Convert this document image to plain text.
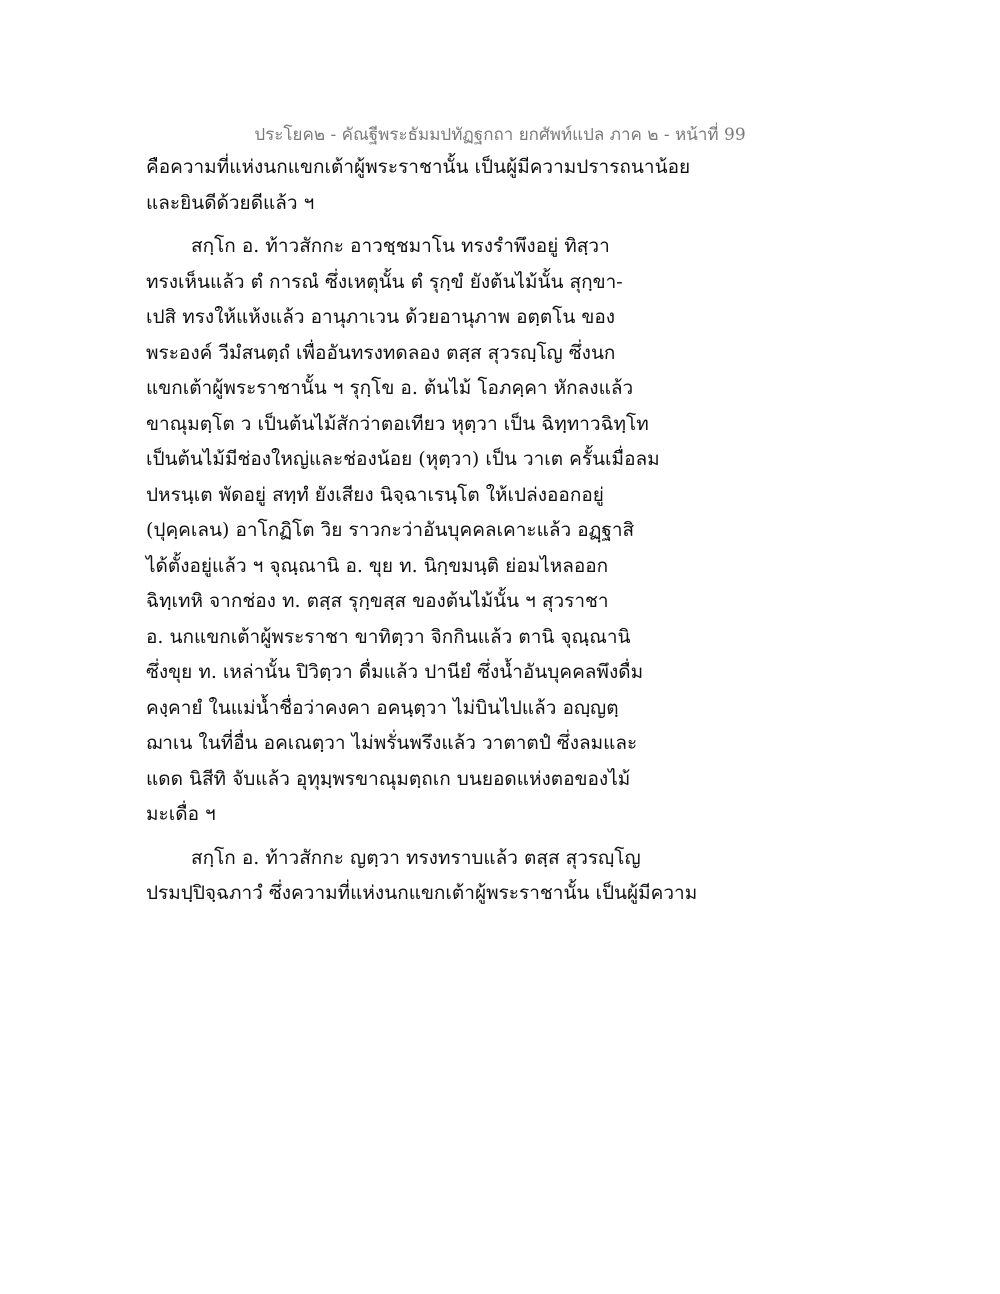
ประโยค๒ - คัณฐีพระธัมมปทัฏฐกถา ยกศัพท์แปล ภาค ๒ - หน้าที่ 99
คือความที่แห่งนกแขกเต้าผู้พระราชานั้น เป็นผู้มีความปรารถนาน้อย
และยินดีด้วยดีแล้ว ฯ
สกฺโก อ. ท้าวสักกะ อาวชฺชมาโน ทรงรำพึงอยู่ ทิสฺวา
ทรงเห็นแล้ว ตํ การณํ ซึ่งเหตุนั้น ตํ รุกฺขํ ยังต้นไม้นั้น สุกฺขา-
เปสิ ทรงให้แห้งแล้ว อานุภาเวน ด้วยอานุภาพ อตฺตโน ของ
พระองค์ วีมํสนตฺถํ เพื่ออันทรงทดลอง ตสฺส สุวรญฺโญ ซึ่งนก
แขกเต้าผู้พระราชานั้น ฯ รุกฺโข อ. ต้นไม้ โอภคฺคา หักลงแล้ว
ขาณุมตฺโต ว เป็นต้นไม้สักว่าตอเทียว หุตฺวา เป็น ฉิทฺทาวฉิทฺโท
เป็นต้นไม้มีช่องใหญ่และช่องน้อย (หุตฺวา) เป็น วาเต ครั้นเมื่อลม
ปหรนฺเต พัดอยู่ สทฺทํ ยังเสียง นิจฺฉาเรนฺโต ให้เปล่งออกอยู่
(ปุคฺคเลน) อาโกฏิโต วิย ราวกะว่าอันบุคคลเคาะแล้ว อฏฺฐาสิ
ได้ตั้งอยู่แล้ว ฯ จุณฺณานิ อ. ขุย ท. นิกฺขมนฺติ ย่อมไหลออก
ฉิทฺเทหิ จากช่อง ท. ตสฺส รุกฺขสฺส ของต้นไม้นั้น ฯ สุวราชา
อ. นกแขกเต้าผู้พระราชา ขาทิตฺวา จิกกินแล้ว ตานิ จุณฺณานิ
ซึ่งขุย ท. เหล่านั้น ปิวิตฺวา ดื่มแล้ว ปานียํ ซึ่งน้ำอันบุคคลพึงดื่ม
คงฺคายํ ในแม่น้ำชื่อว่าคงคา อคนฺตฺวา ไม่บินไปแล้ว อญฺญตฺ
ฌาเน ในที่อื่น อคเณตฺวา ไม่พรั่นพรึงแล้ว วาตาตปํ ซึ่งลมและ
แดด นิสีทิ จับแล้ว อุทุมฺพรขาณุมตฺถเก บนยอดแห่งตอของไม้
มะเดื่อ ฯ
สกฺโก อ. ท้าวสักกะ ญตฺวา ทรงทราบแล้ว ตสฺส สุวรญฺโญ
ปรมปฺปิจฺฉภาวํ ซึ่งความที่แห่งนกแขกเต้าผู้พระราชานั้น เป็นผู้มีความ
